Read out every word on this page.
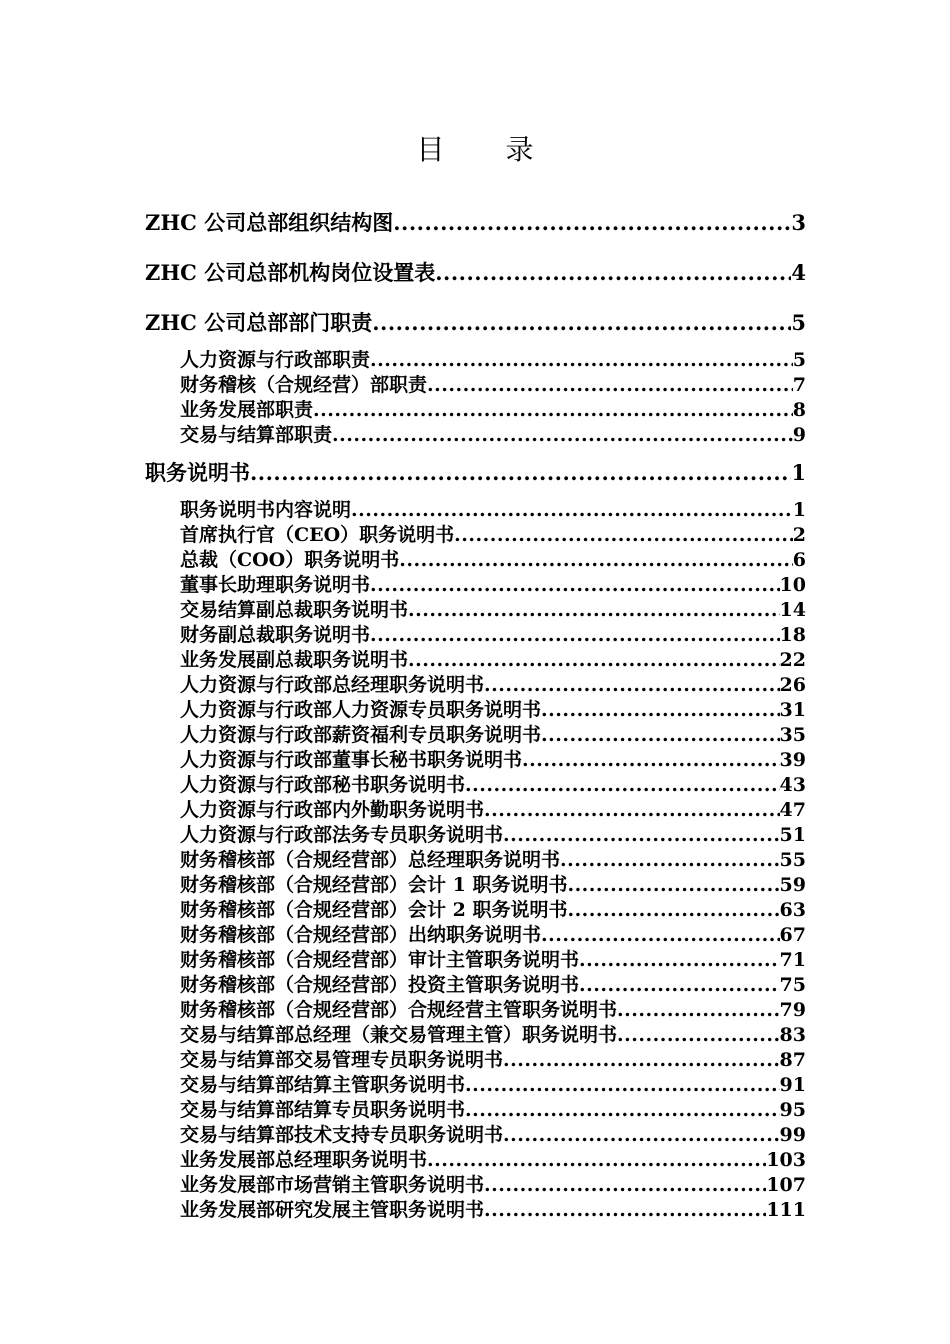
目 录
ZHC 公司总部组织结构图 .....	3
ZHC 公司总部机构岗位设置表 .....	4
ZHC 公司总部部门职责 .....	5
人力资源与行政部职责 .....	5
财务稽核（合规经营）部职责 .....	7
业务发展部职责 .....	8
交易与结算部职责 .....	9
职务说明书 .....	1
职务说明书内容说明 .....	1
首席执行官（CEO）职务说明书 .....	2
总裁（COO）职务说明书 .....	6
董事长助理职务说明书 .....	10
交易结算副总裁职务说明书 .....	14
财务副总裁职务说明书 .....	18
业务发展副总裁职务说明书 .....	22
人力资源与行政部总经理职务说明书 .....	26
人力资源与行政部人力资源专员职务说明书 .....	31
人力资源与行政部薪资福利专员职务说明书 .....	35
人力资源与行政部董事长秘书职务说明书 .....	39
人力资源与行政部秘书职务说明书 .....	43
人力资源与行政部内外勤职务说明书 .....	47
人力资源与行政部法务专员职务说明书 .....	51
财务稽核部（合规经营部）总经理职务说明书 .....	55
财务稽核部（合规经营部）会计 1 职务说明书 .....	59
财务稽核部（合规经营部）会计 2 职务说明书 .....	63
财务稽核部（合规经营部）出纳职务说明书 .....	67
财务稽核部（合规经营部）审计主管职务说明书 .....	71
财务稽核部（合规经营部）投资主管职务说明书 .....	75
财务稽核部（合规经营部）合规经营主管职务说明书 .....	79
交易与结算部总经理（兼交易管理主管）职务说明书 .....	83
交易与结算部交易管理专员职务说明书 .....	87
交易与结算部结算主管职务说明书 .....	91
交易与结算部结算专员职务说明书 .....	95
交易与结算部技术支持专员职务说明书 .....	99
业务发展部总经理职务说明书 .....	103
业务发展部市场营销主管职务说明书 .....	107
业务发展部研究发展主管职务说明书 .....	111
